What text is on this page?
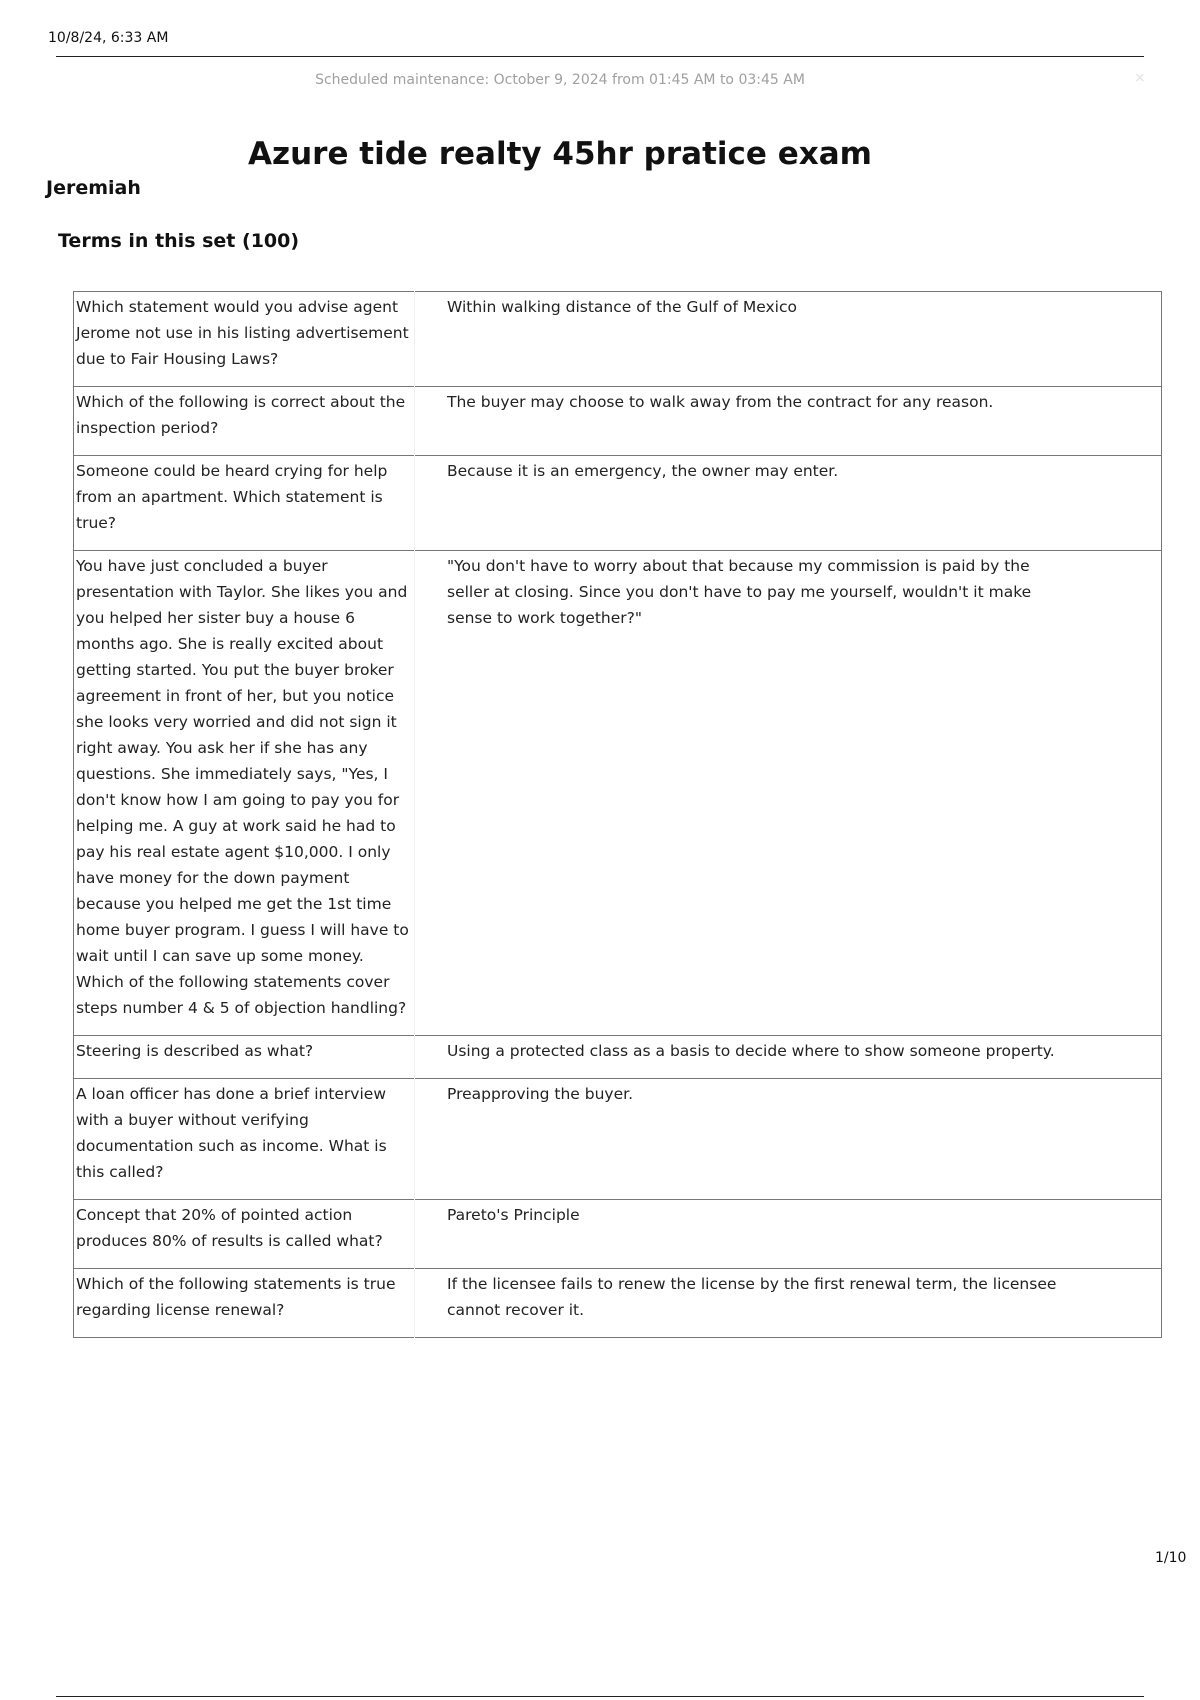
10/8/24, 6:33 AM
Scheduled maintenance: October 9, 2024 from 01:45 AM to 03:45 AM	×
Azure tide realty 45hr pratice exam
Jeremiah
Terms in this set (100)
Which statement would you advise agent Jerome not use in his listing advertisement due to Fair Housing Laws?	Within walking distance of the Gulf of Mexico
Which of the following is correct about the inspection period?	The buyer may choose to walk away from the contract for any reason.
Someone could be heard crying for help from an apartment. Which statement is true?	Because it is an emergency, the owner may enter.
You have just concluded a buyer presentation with Taylor. She likes you and you helped her sister buy a house 6 months ago. She is really excited about getting started. You put the buyer broker agreement in front of her, but you notice she looks very worried and did not sign it right away. You ask her if she has any questions. She immediately says, "Yes, I don't know how I am going to pay you for helping me. A guy at work said he had to pay his real estate agent $10,000. I only have money for the down payment because you helped me get the 1st time home buyer program. I guess I will have to wait until I can save up some money. Which of the following statements cover steps number 4 & 5 of objection handling?	"You don't have to worry about that because my commission is paid by the seller at closing. Since you don't have to pay me yourself, wouldn't it make sense to work together?"
Steering is described as what?	Using a protected class as a basis to decide where to show someone property.
A loan officer has done a brief interview with a buyer without verifying documentation such as income. What is this called?	Preapproving the buyer.
Concept that 20% of pointed action produces 80% of results is called what?	Pareto's Principle
Which of the following statements is true regarding license renewal?	If the licensee fails to renew the license by the first renewal term, the licensee cannot recover it.
1/10
